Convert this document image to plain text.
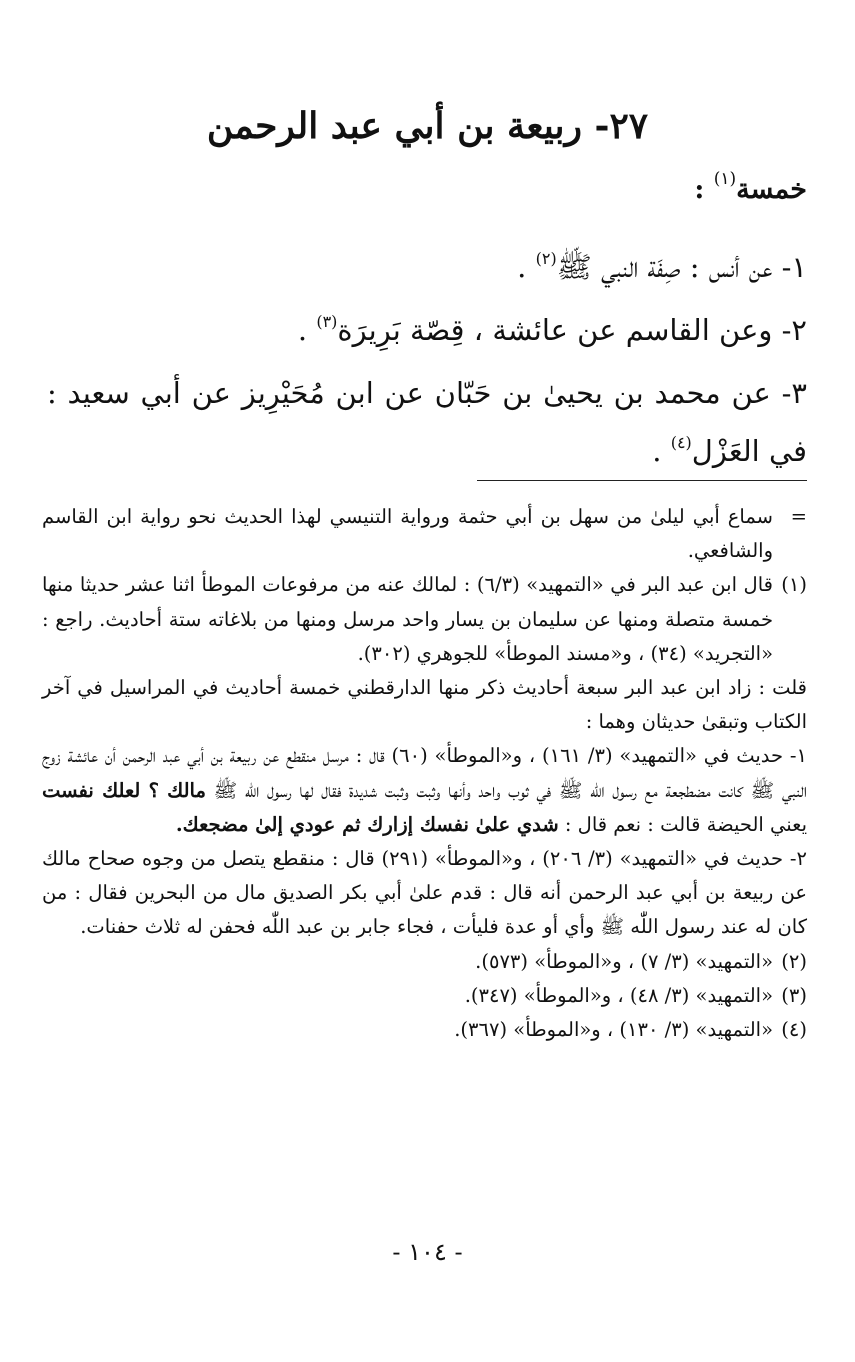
٢٧- ربيعة بن أبي عبد الرحمن
خمسة$^{(١)}$ :
١- عن أنس : صِفَة النبي ﷺ$^{(٢)}$ .
٢- وعن القاسم عن عائشة ، قِصّة بَرِيرَة$^{(٣)}$ .
٣- عن محمد بن يحيىٰ بن حَبّان عن ابن مُحَيْرِيز عن أبي سعيد : في العَزْل$^{(٤)}$ .
=
سماع أبي ليلىٰ من سهل بن أبي حثمة ورواية التنيسي لهذا الحديث نحو رواية ابن القاسم والشافعي.
(١)
قال ابن عبد البر في «التمهيد» (٦/٣) : لمالك عنه من مرفوعات الموطأ اثنا عشر حديثا منها خمسة متصلة ومنها عن سليمان بن يسار واحد مرسل ومنها من بلاغاته ستة أحاديث. راجع : «التجريد» (٣٤) ، و«مسند الموطأ» للجوهري (٣٠٢).
قلت : زاد ابن عبد البر سبعة أحاديث ذكر منها الدارقطني خمسة أحاديث في المراسيل في آخر الكتاب وتبقىٰ حديثان وهما :
١- حديث في «التمهيد» (٣/ ١٦١) ، و«الموطأ» (٦٠) قال : مرسل منقطع عن ربيعة بن أبي عبد الرحمن أن عائشة زوج النبي ﷺ كانت مضطجعة مع رسول اللّٰه ﷺ في ثوب واحد وأنها وثبت وثبت شديدة فقال لها رسول اللّٰه ﷺ مالك ؟ لعلك نفست يعني الحيضة قالت : نعم قال : شدي علىٰ نفسك إزارك ثم عودي إلىٰ مضجعك.
٢- حديث في «التمهيد» (٣/ ٢٠٦) ، و«الموطأ» (٢٩١) قال : منقطع يتصل من وجوه صحاح مالك عن ربيعة بن أبي عبد الرحمن أنه قال : قدم علىٰ أبي بكر الصديق مال من البحرين فقال : من كان له عند رسول اللّٰه ﷺ وأي أو عدة فليأت ، فجاء جابر بن عبد اللّٰه فحفن له ثلاث حفنات.
(٢)
«التمهيد» (٣/ ٧) ، و«الموطأ» (٥٧٣).
(٣)
«التمهيد» (٣/ ٤٨) ، و«الموطأ» (٣٤٧).
(٤)
«التمهيد» (٣/ ١٣٠) ، و«الموطأ» (٣٦٧).
- ١٠٤ -
